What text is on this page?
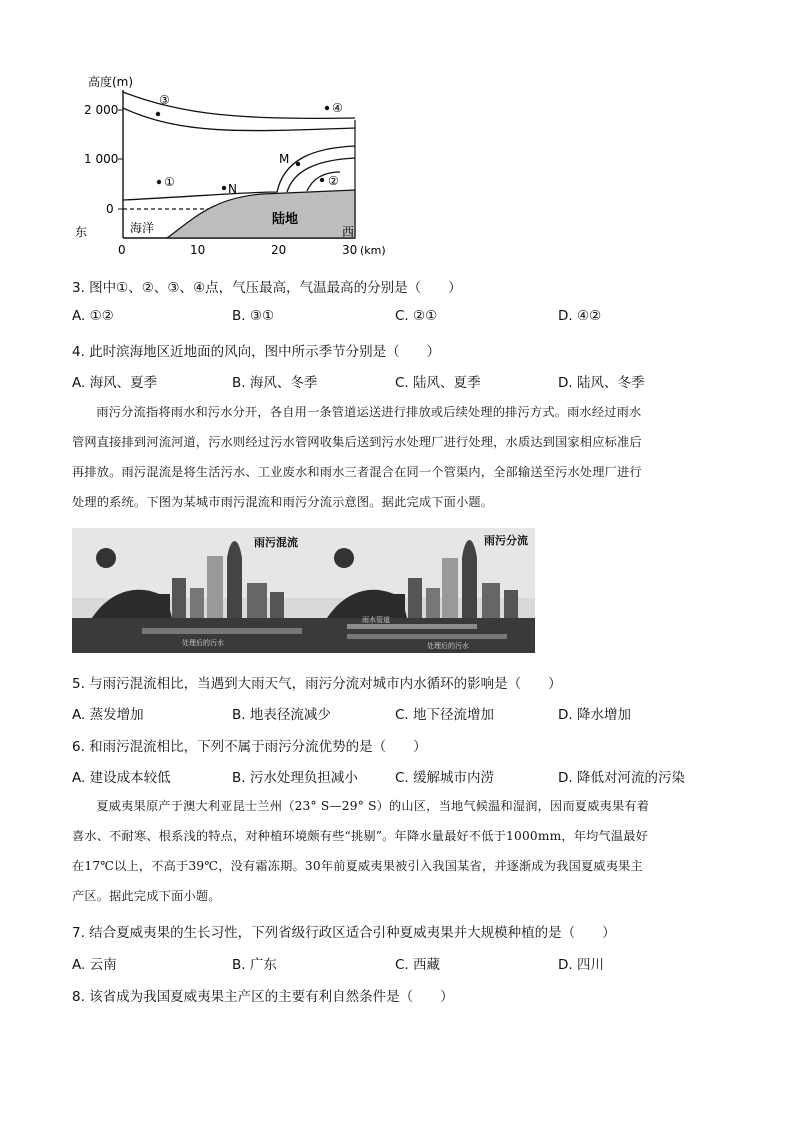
高度(m)
2 000
1 000
0
东	西
海洋
陆地
0	10	20	30 (km)
③
④
M
①	N
②
3. 图中①、②、③、④点，气压最高，气温最高的分别是（　　）
A. ①②	B. ③①	C. ②①	D. ④②
4. 此时滨海地区近地面的风向，图中所示季节分别是（　　）
A. 海风、夏季	B. 海风、冬季	C. 陆风、夏季	D. 陆风、冬季

雨污分流指将雨水和污水分开，各自用一条管道运送进行排放或后续处理的排污方式。雨水经过雨水

管网直接排到河流河道，污水则经过污水管网收集后送到污水处理厂进行处理，水质达到国家相应标准后

再排放。雨污混流是将生活污水、工业废水和雨水三者混合在同一个管渠内，全部输送至污水处理厂进行

处理的系统。下图为某城市雨污混流和雨污分流示意图。据此完成下面小题。

雨污混流	雨污分流
处理后的污水
雨水管道
处理后的污水
5. 与雨污混流相比，当遇到大雨天气，雨污分流对城市内水循环的影响是（　　）
A. 蒸发增加	B. 地表径流减少	C. 地下径流增加	D. 降水增加
6. 和雨污混流相比，下列不属于雨污分流优势的是（　　）
A. 建设成本较低	B. 污水处理负担减小	C. 缓解城市内涝	D. 降低对河流的污染

夏威夷果原产于澳大利亚昆士兰州（23° S—29° S）的山区，当地气候温和湿润，因而夏威夷果有着

喜水、不耐寒、根系浅的特点，对种植环境颇有些“挑剔”。年降水量最好不低于1000mm，年均气温最好

在17℃以上，不高于39℃，没有霜冻期。30年前夏威夷果被引入我国某省，并逐渐成为我国夏威夷果主

产区。据此完成下面小题。

7. 结合夏威夷果的生长习性，下列省级行政区适合引种夏威夷果并大规模种植的是（　　）
A. 云南	B. 广东	C. 西藏	D. 四川
8. 该省成为我国夏威夷果主产区的主要有利自然条件是（　　）
